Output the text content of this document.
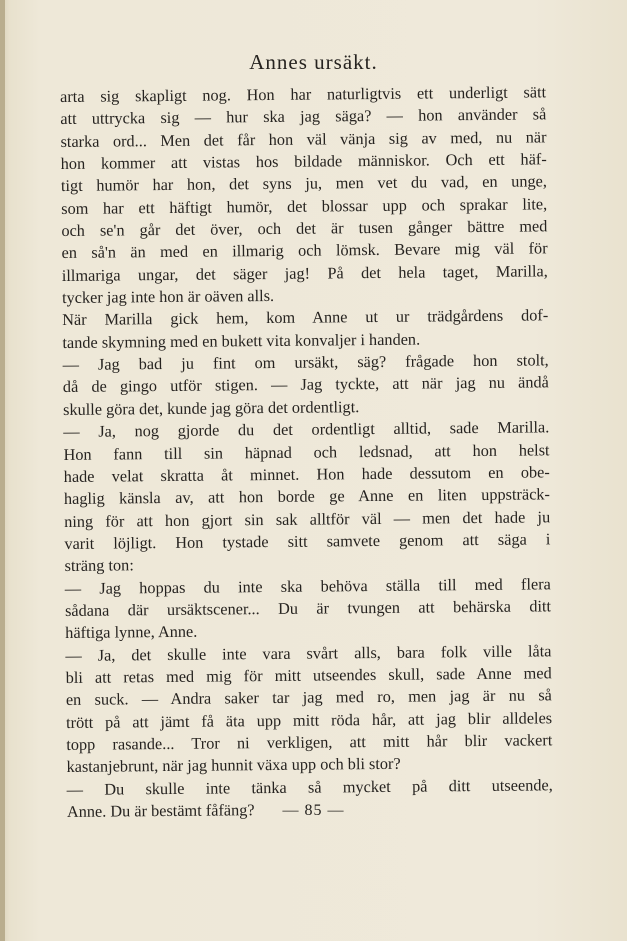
Annes ursäkt.
arta sig skapligt nog. Hon har naturligtvis ett underligt sätt
att uttrycka sig — hur ska jag säga? — hon använder så
starka ord... Men det får hon väl vänja sig av med, nu när
hon kommer att vistas hos bildade människor. Och ett häf-
tigt humör har hon, det syns ju, men vet du vad, en unge,
som har ett häftigt humör, det blossar upp och sprakar lite,
och se'n går det över, och det är tusen gånger bättre med
en så'n än med en illmarig och lömsk. Bevare mig väl för
illmariga ungar, det säger jag! På det hela taget, Marilla,
tycker jag inte hon är oäven alls.
När Marilla gick hem, kom Anne ut ur trädgårdens dof-
tande skymning med en bukett vita konvaljer i handen.
— Jag bad ju fint om ursäkt, säg? frågade hon stolt,
då de gingo utför stigen. — Jag tyckte, att när jag nu ändå
skulle göra det, kunde jag göra det ordentligt.
— Ja, nog gjorde du det ordentligt alltid, sade Marilla.
Hon fann till sin häpnad och ledsnad, att hon helst
hade velat skratta åt minnet. Hon hade dessutom en obe-
haglig känsla av, att hon borde ge Anne en liten uppsträck-
ning för att hon gjort sin sak alltför väl — men det hade ju
varit löjligt. Hon tystade sitt samvete genom att säga i
sträng ton:
— Jag hoppas du inte ska behöva ställa till med flera
sådana där ursäktscener... Du är tvungen att behärska ditt
häftiga lynne, Anne.
— Ja, det skulle inte vara svårt alls, bara folk ville låta
bli att retas med mig för mitt utseendes skull, sade Anne med
en suck. — Andra saker tar jag med ro, men jag är nu så
trött på att jämt få äta upp mitt röda hår, att jag blir alldeles
topp rasande... Tror ni verkligen, att mitt hår blir vackert
kastanjebrunt, när jag hunnit växa upp och bli stor?
— Du skulle inte tänka så mycket på ditt utseende,
Anne. Du är bestämt fåfäng?	— 85 —
